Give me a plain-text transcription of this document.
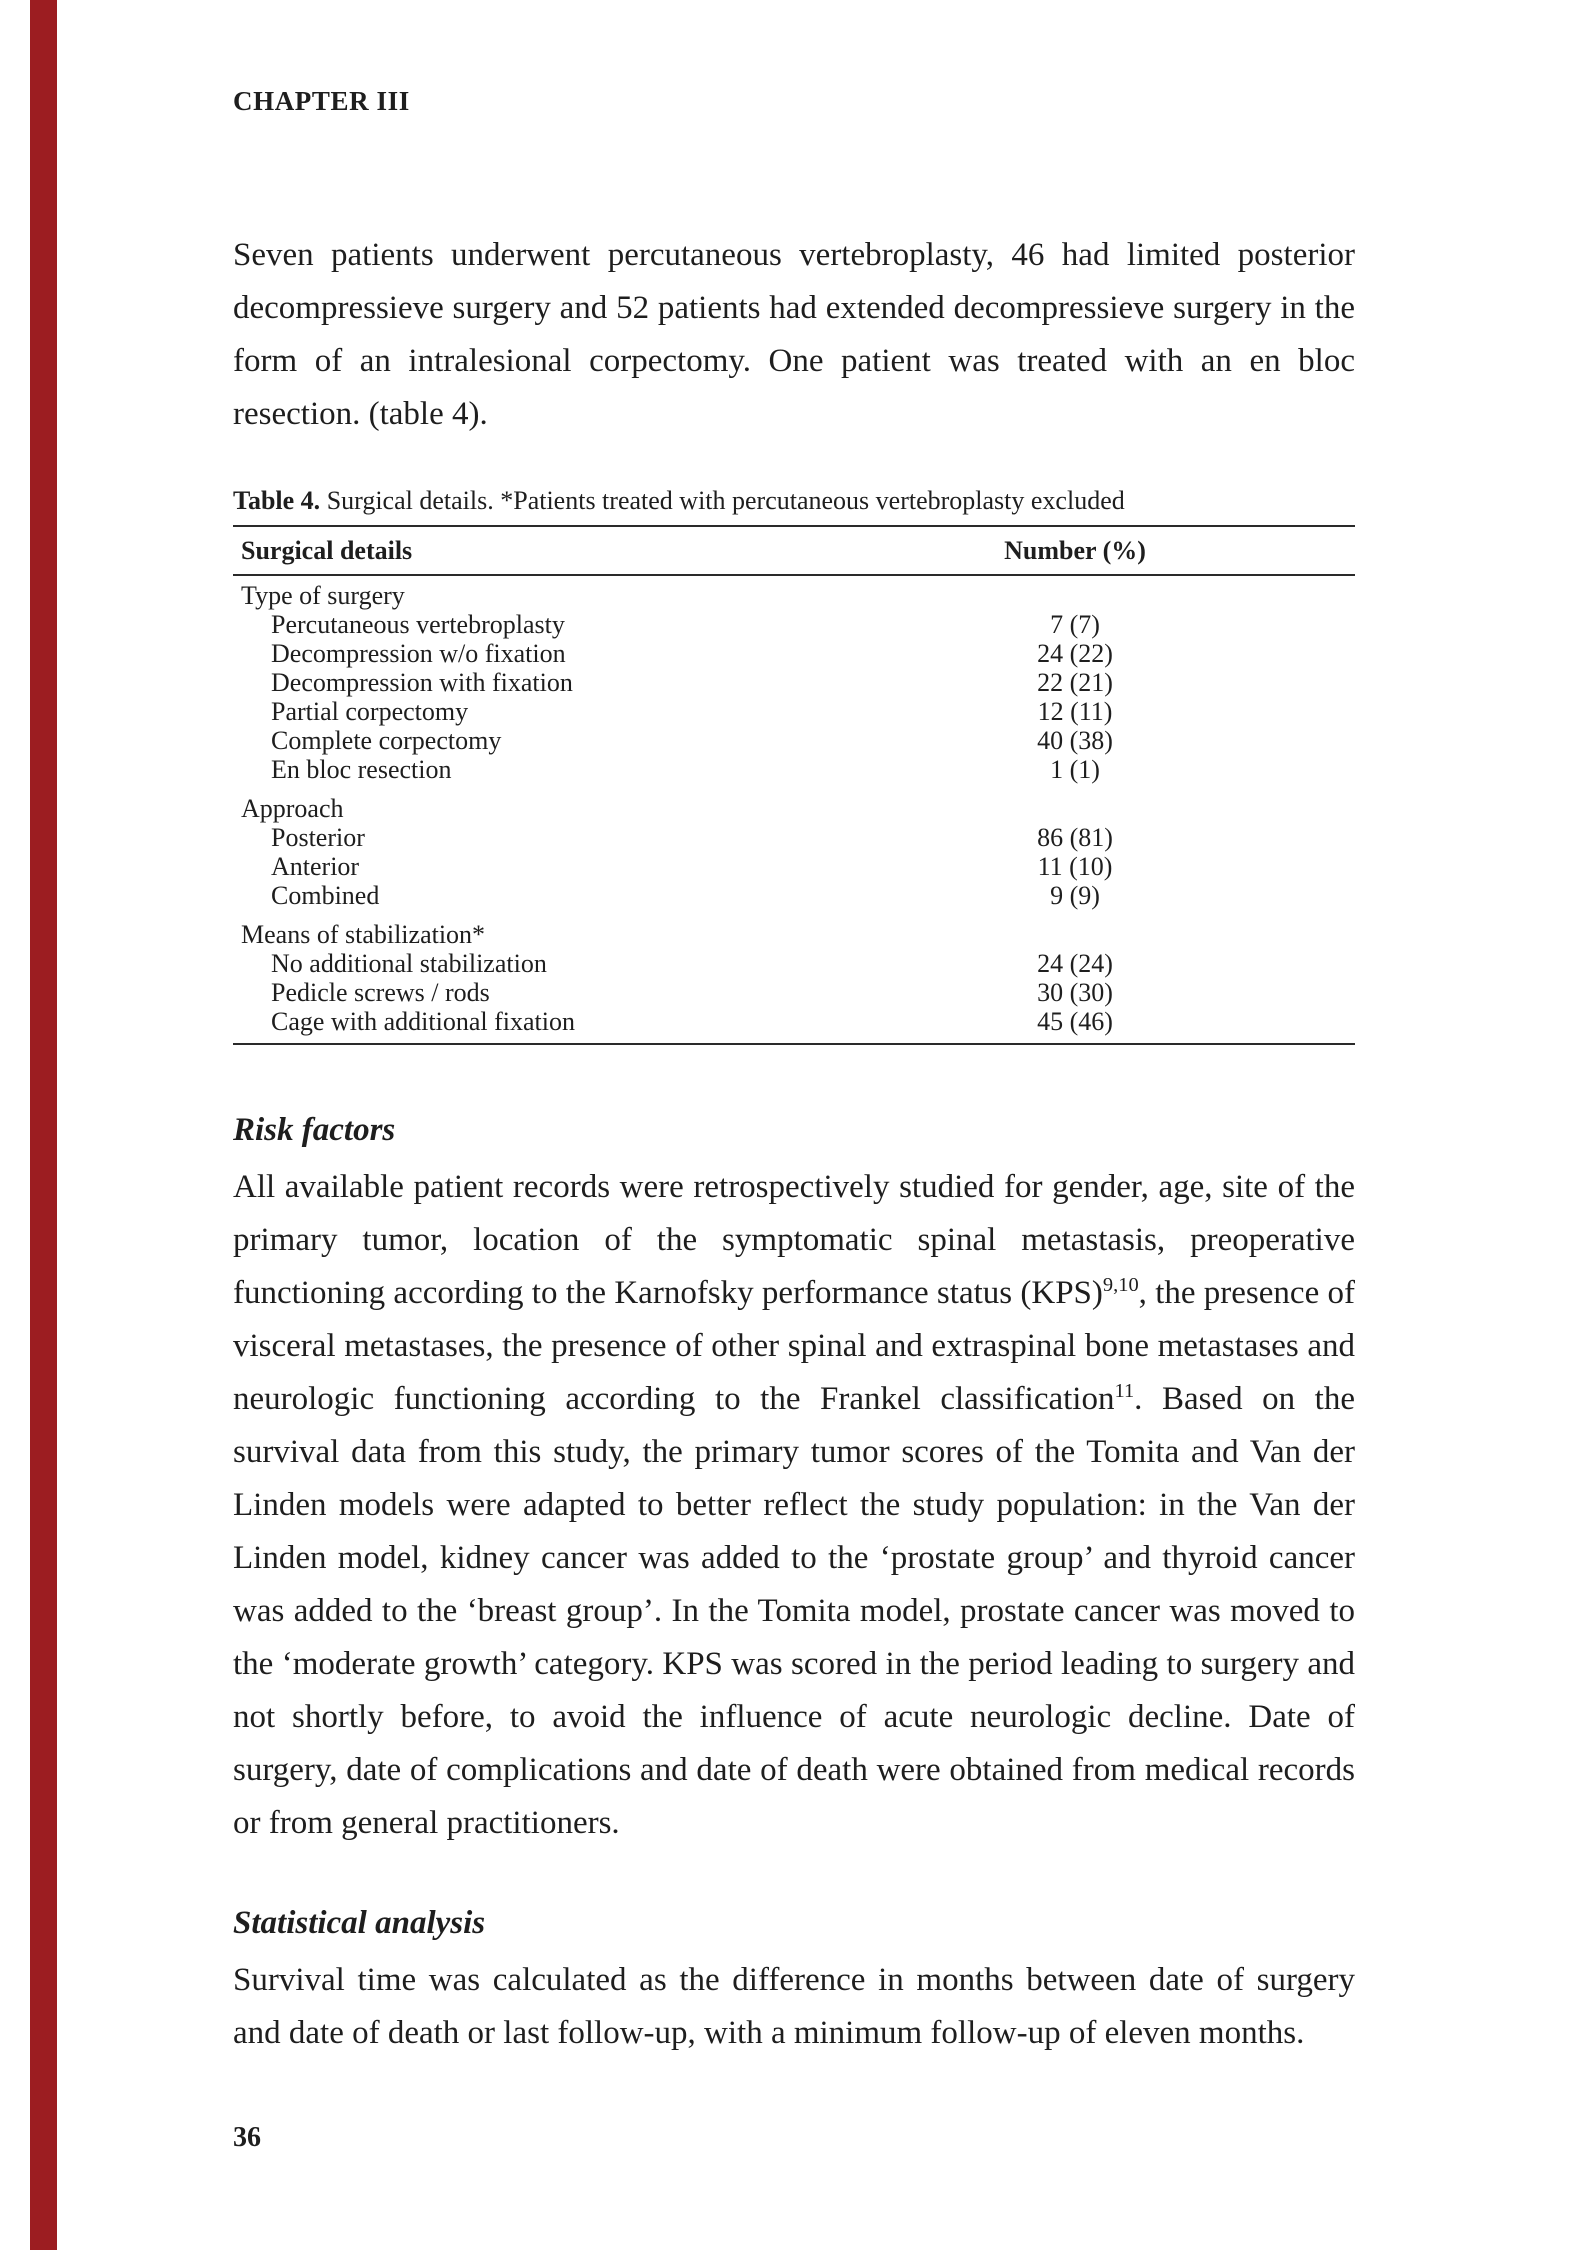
CHAPTER III

Seven patients underwent percutaneous vertebroplasty, 46 had limited posterior decompressieve surgery and 52 patients had extended decompressieve surgery in the form of an intralesional corpectomy. One patient was treated with an en bloc resection. (table 4).

Table 4. Surgical details. *Patients treated with percutaneous vertebroplasty excluded

Surgical details	Number (%)
Type of surgery	
Percutaneous vertebroplasty	7 (7)
Decompression w/o fixation	24 (22)
Decompression with fixation	22 (21)
Partial corpectomy	12 (11)
Complete corpectomy	40 (38)
En bloc resection	1 (1)
Approach	
Posterior	86 (81)
Anterior	11 (10)
Combined	9 (9)
Means of stabilization*	
No additional stabilization	24 (24)
Pedicle screws / rods	30 (30)
Cage with additional fixation	45 (46)
Risk factors

All available patient records were retrospectively studied for gender, age, site of the primary tumor, location of the symptomatic spinal metastasis, preoperative functioning according to the Karnofsky performance status (KPS)$^{9,10}$, the presence of visceral metastases, the presence of other spinal and extraspinal bone metastases and neurologic functioning according to the Frankel classification$^{11}$. Based on the survival data from this study, the primary tumor scores of the Tomita and Van der Linden models were adapted to better reflect the study population: in the Van der Linden model, kidney cancer was added to the ‘prostate group’ and thyroid cancer was added to the ‘breast group’. In the Tomita model, prostate cancer was moved to the ‘moderate growth’ category. KPS was scored in the period leading to surgery and not shortly before, to avoid the influence of acute neurologic decline. Date of surgery, date of complications and date of death were obtained from medical records or from general practitioners.

Statistical analysis

Survival time was calculated as the difference in months between date of surgery and date of death or last follow-up, with a minimum follow-up of eleven months.

36
